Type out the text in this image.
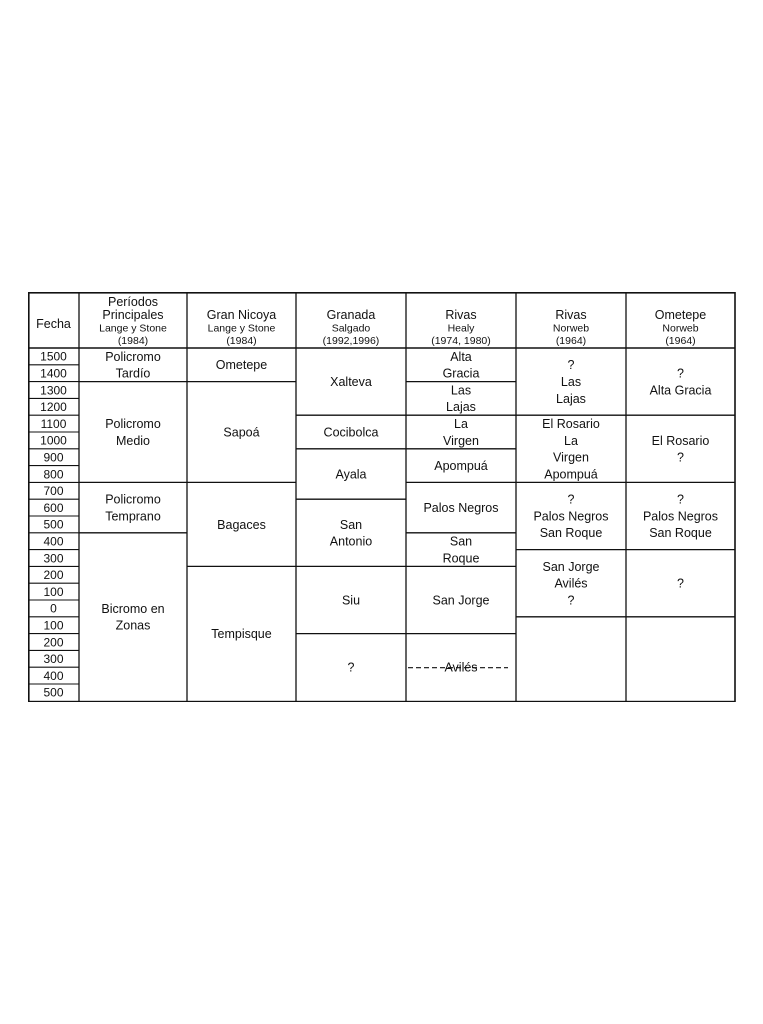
Fecha
Períodos
Principales
Lange y Stone
(1984)
Gran Nicoya
Lange y Stone
(1984)
Granada
Salgado
(1992,1996)
Rivas
Healy
(1974, 1980)
Rivas
Norweb
(1964)
Ometepe
Norweb
(1964)
1500
1400
1300
1200
1100
1000
900
800
700
600
500
400
300
200
100
0
100
200
300
400
500
Policromo
Tardío
Policromo
Medio
Policromo
Temprano
Bicromo en
Zonas
Ometepe
Sapoá
Bagaces
Tempisque
Xalteva
Cocibolca
Ayala
San
Antonio
Siu
?
Alta
Gracia
Las
Lajas
La
Virgen
Apompuá
Palos Negros
San
Roque
San Jorge
Avilés
?
Las
Lajas
El Rosario
La
Virgen
Apompuá
?
Palos Negros
San Roque
San Jorge
Avilés
?
?
Alta Gracia
El Rosario
?
?
Palos Negros
San Roque
?
